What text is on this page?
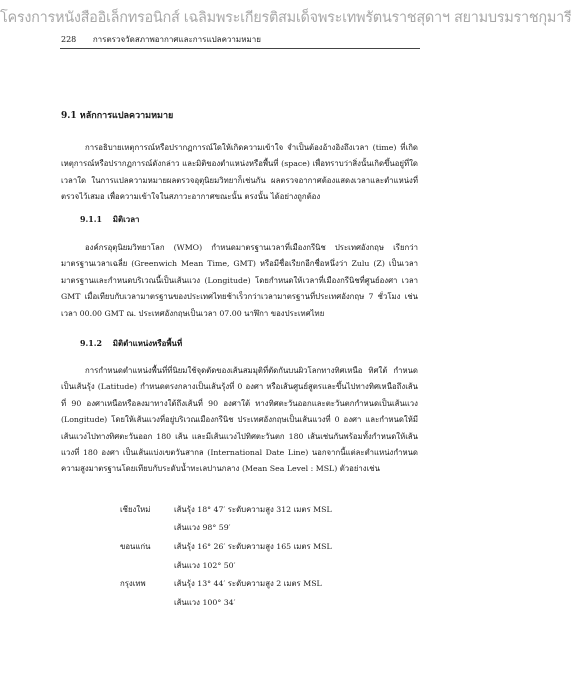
โครงการหนังสืออิเล็กทรอนิกส์ เฉลิมพระเกียรติสมเด็จพระเทพรัตนราชสุดาฯ สยามบรมราชกุมารี
228 การตรวจวัดสภาพอากาศและการแปลความหมาย
9.1 หลักการแปลความหมาย

การอธิบายเหตุการณ์หรือปรากฏการณ์ใดให้เกิดความเข้าใจ จำเป็นต้องอ้างอิงถึงเวลา (time) ที่เกิดเหตุการณ์หรือปรากฏการณ์ดังกล่าว และมิติของตำแหน่งหรือพื้นที่ (space) เพื่อทราบว่าสิ่งนั้นเกิดขึ้นอยู่ที่ใด เวลาใด ในการแปลความหมายผลตรวจอุตุนิยมวิทยาก็เช่นกัน ผลตรวจอากาศต้องแสดงเวลาและตำแหน่งที่ตรวจไว้เสมอ เพื่อความเข้าใจในสภาวะอากาศขณะนั้น ตรงนั้น ได้อย่างถูกต้อง

9.1.1 มิติเวลา

องค์กรอุตุนิยมวิทยาโลก (WMO) กำหนดมาตรฐานเวลาที่เมืองกรีนิช ประเทศอังกฤษ เรียกว่า มาตรฐานเวลาเฉลี่ย (Greenwich Mean Time, GMT) หรือมีชื่อเรียกอีกชื่อหนึ่งว่า Zulu (Z) เป็นเวลามาตรฐานและกำหนดบริเวณนี้เป็นเส้นแวง (Longitude) โดยกำหนดให้เวลาที่เมืองกรีนิชที่ศูนย์องศา เวลา GMT เมื่อเทียบกับเวลามาตรฐานของประเทศไทยช้าเร็วกว่าเวลามาตรฐานที่ประเทศอังกฤษ 7 ชั่วโมง เช่น เวลา 00.00 GMT ณ. ประเทศอังกฤษเป็นเวลา 07.00 นาฬิกา ของประเทศไทย

9.1.2 มิติตำแหน่งหรือพื้นที่

การกำหนดตำแหน่งพื้นที่ที่นิยมใช้จุดตัดของเส้นสมมุติที่ตัดกันบนผิวโลกทางทิศเหนือ ทิศใต้ กำหนดเป็นเส้นรุ้ง (Latitude) กำหนดตรงกลางเป็นเส้นรุ้งที่ 0 องศา หรือเส้นศูนย์สูตรและขึ้นไปทางทิศเหนือถึงเส้นที่ 90 องศาเหนือหรือลงมาทางใต้ถึงเส้นที่ 90 องศาใต้ ทางทิศตะวันออกและตะวันตกกำหนดเป็นเส้นแวง (Longitude) โดยให้เส้นแวงที่อยู่บริเวณเมืองกรีนิช ประเทศอังกฤษเป็นเส้นแวงที่ 0 องศา และกำหนดให้มีเส้นแวงไปทางทิศตะวันออก 180 เส้น และมีเส้นแวงไปทิศตะวันตก 180 เส้นเช่นกันพร้อมทั้งกำหนดให้เส้นแวงที่ 180 องศา เป็นเส้นแบ่งเขตวันสากล (International Date Line) นอกจากนี้แต่ละตำแหน่งกำหนดความสูงมาตรฐานโดยเทียบกับระดับน้ำทะเลปานกลาง (Mean Sea Level : MSL) ตัวอย่างเช่น

เชียงใหม่	เส้นรุ้ง 18° 47′ ระดับความสูง 312 เมตร MSL
เส้นแวง 98° 59′
ขอนแก่น	เส้นรุ้ง 16° 26′ ระดับความสูง 165 เมตร MSL
เส้นแวง 102° 50′
กรุงเทพ	เส้นรุ้ง 13° 44′ ระดับความสูง 2 เมตร MSL
เส้นแวง 100° 34′
